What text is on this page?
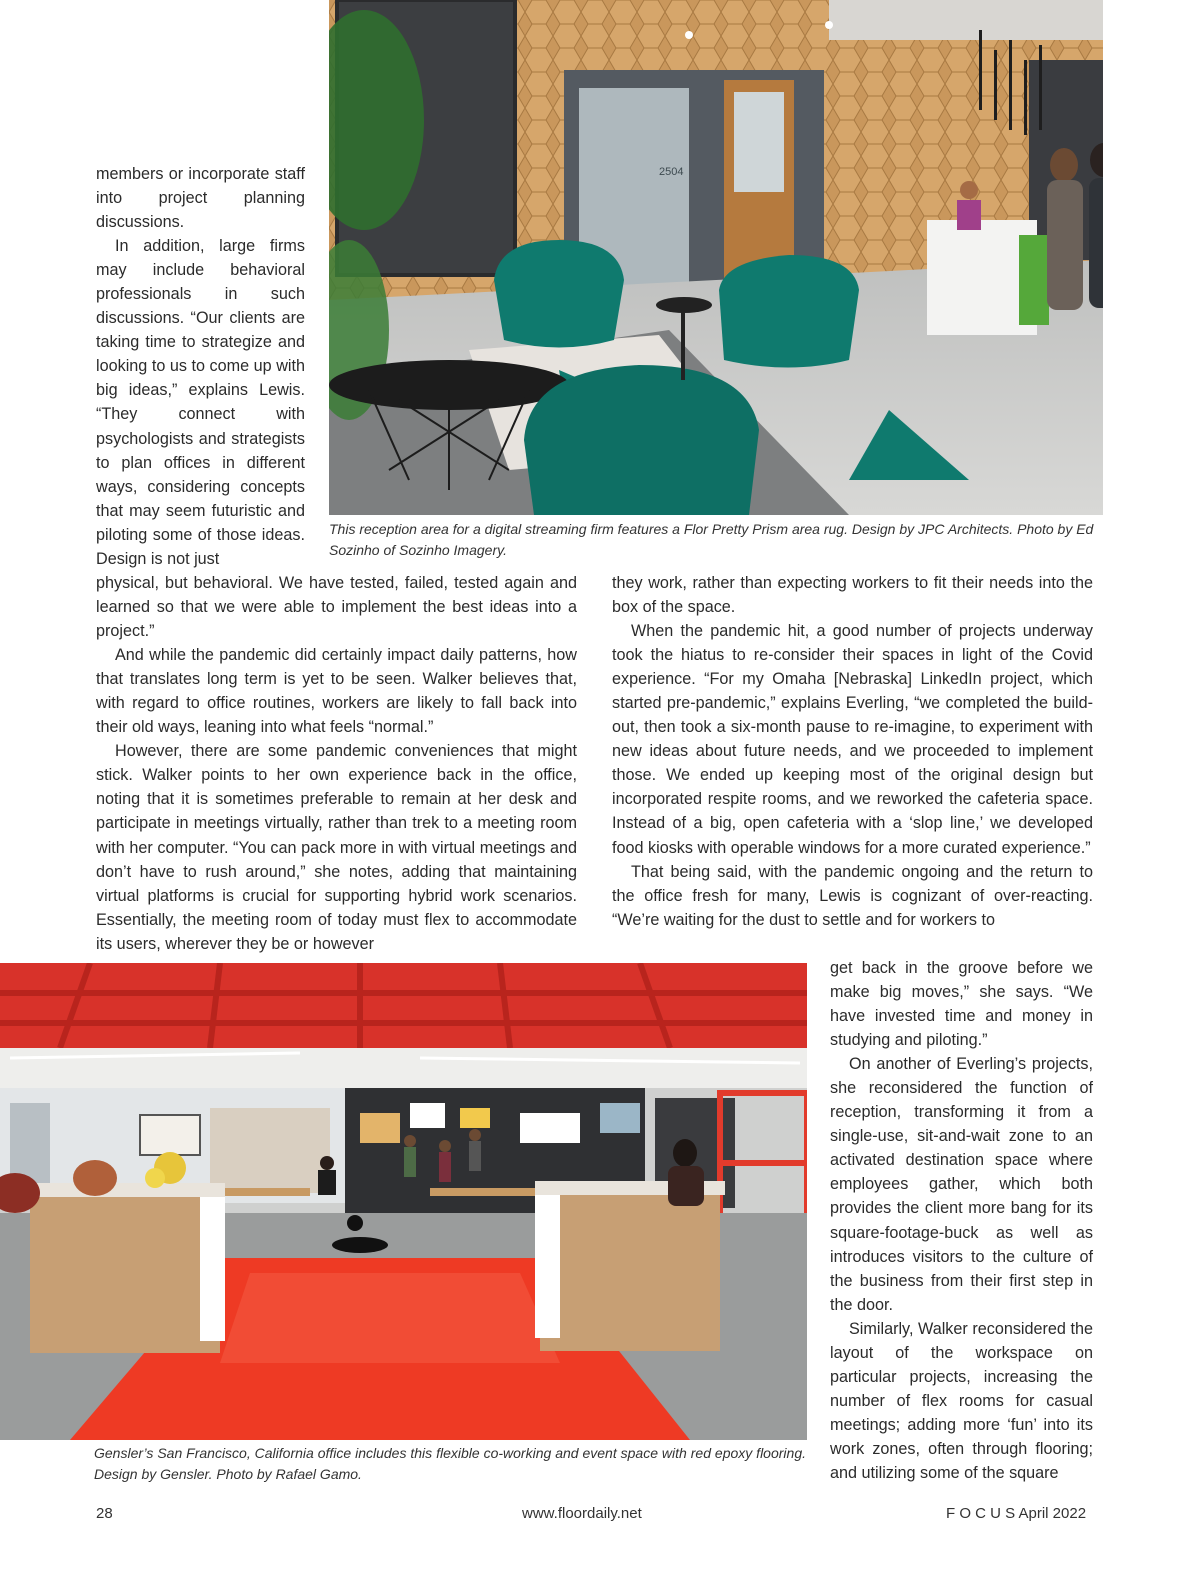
2504
This reception area for a digital streaming firm features a Flor Pretty Prism area rug. Design by JPC Architects. Photo by Ed Sozinho of Sozinho Imagery.

members or incorporate staff into project planning discussions.

In addition, large firms may include behavioral professionals in such discussions. “Our clients are taking time to strategize and looking to us to come up with big ideas,” explains Lewis. “They connect with psychologists and strategists to plan offices in different ways, considering concepts that may seem futuristic and piloting some of those ideas. Design is not just

physical, but behavioral. We have tested, failed, tested again and learned so that we were able to implement the best ideas into a project.”

And while the pandemic did certainly impact daily patterns, how that translates long term is yet to be seen. Walker believes that, with regard to office routines, workers are likely to fall back into their old ways, leaning into what feels “normal.”

However, there are some pandemic conveniences that might stick. Walker points to her own experience back in the office, noting that it is sometimes preferable to remain at her desk and participate in meetings virtually, rather than trek to a meeting room with her computer. “You can pack more in with virtual meetings and don’t have to rush around,” she notes, adding that maintaining virtual platforms is crucial for supporting hybrid work scenarios. Essentially, the meeting room of today must flex to accommodate its users, wherever they be or however

they work, rather than expecting workers to fit their needs into the box of the space.

When the pandemic hit, a good number of projects underway took the hiatus to re-consider their spaces in light of the Covid experience. “For my Omaha [Nebraska] LinkedIn project, which started pre-pandemic,” explains Everling, “we completed the build-out, then took a six-month pause to re-imagine, to experiment with new ideas about future needs, and we proceeded to implement those. We ended up keeping most of the original design but incorporated respite rooms, and we reworked the cafeteria space. Instead of a big, open cafeteria with a ‘slop line,’ we developed food kiosks with operable windows for a more curated experience.”

That being said, with the pandemic ongoing and the return to the office fresh for many, Lewis is cognizant of over-reacting. “We’re waiting for the dust to settle and for workers to

Gensler’s San Francisco, California office includes this flexible co-working and event space with red epoxy flooring. Design by Gensler. Photo by Rafael Gamo.

get back in the groove before we make big moves,” she says. “We have invested time and money in studying and piloting.”

On another of Everling’s projects, she reconsidered the function of reception, transforming it from a single-use, sit-and-wait zone to an activated destination space where employees gather, which both provides the client more bang for its square-footage-buck as well as introduces visitors to the culture of the business from their first step in the door.

Similarly, Walker reconsidered the layout of the workspace on particular projects, increasing the number of flex rooms for casual meetings; adding more ‘fun’ into its work zones, often through flooring; and utilizing some of the square

28	www.floordaily.net	F O C U S April 2022
